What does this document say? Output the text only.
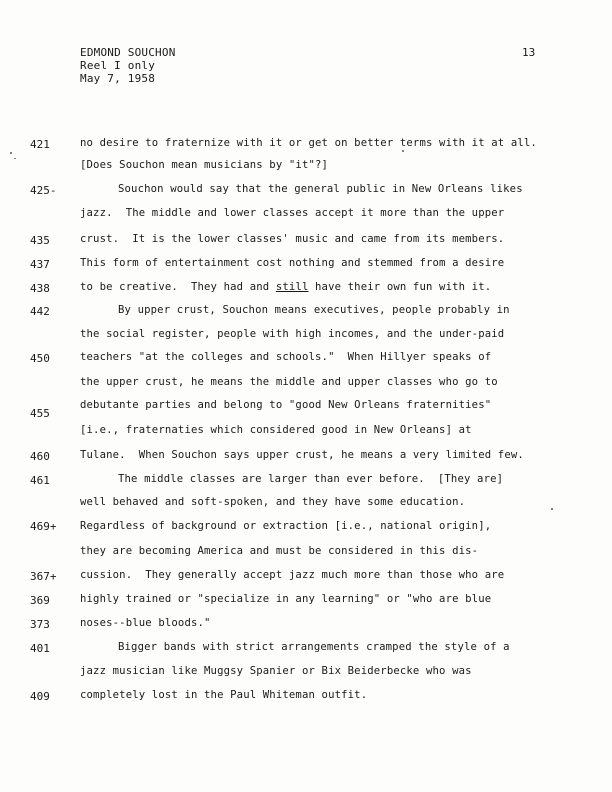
EDMOND SOUCHON
Reel I only
May 7, 1958
13
421
425-
435
437
438
442
450
455
460
461
469+
367+
369
373
401
409
no desire to fraternize with it or get on better terms with it at all.
[Does Souchon mean musicians by "it"?]
Souchon would say that the general public in New Orleans likes
jazz.  The middle and lower classes accept it more than the upper
crust.  It is the lower classes' music and came from its members.
This form of entertainment cost nothing and stemmed from a desire
to be creative.  They had and still have their own fun with it.
By upper crust, Souchon means executives, people probably in
the social register, people with high incomes, and the under-paid
teachers "at the colleges and schools."  When Hillyer speaks of
the upper crust, he means the middle and upper classes who go to
debutante parties and belong to "good New Orleans fraternities"
[i.e., fraternaties which considered good in New Orleans] at
Tulane.  When Souchon says upper crust, he means a very limited few.
The middle classes are larger than ever before.  [They are]
well behaved and soft-spoken, and they have some education.
Regardless of background or extraction [i.e., national origin],
they are becoming America and must be considered in this dis-
cussion.  They generally accept jazz much more than those who are
highly trained or "specialize in any learning" or "who are blue
noses--blue bloods."
Bigger bands with strict arrangements cramped the style of a
jazz musician like Muggsy Spanier or Bix Beiderbecke who was
completely lost in the Paul Whiteman outfit.
